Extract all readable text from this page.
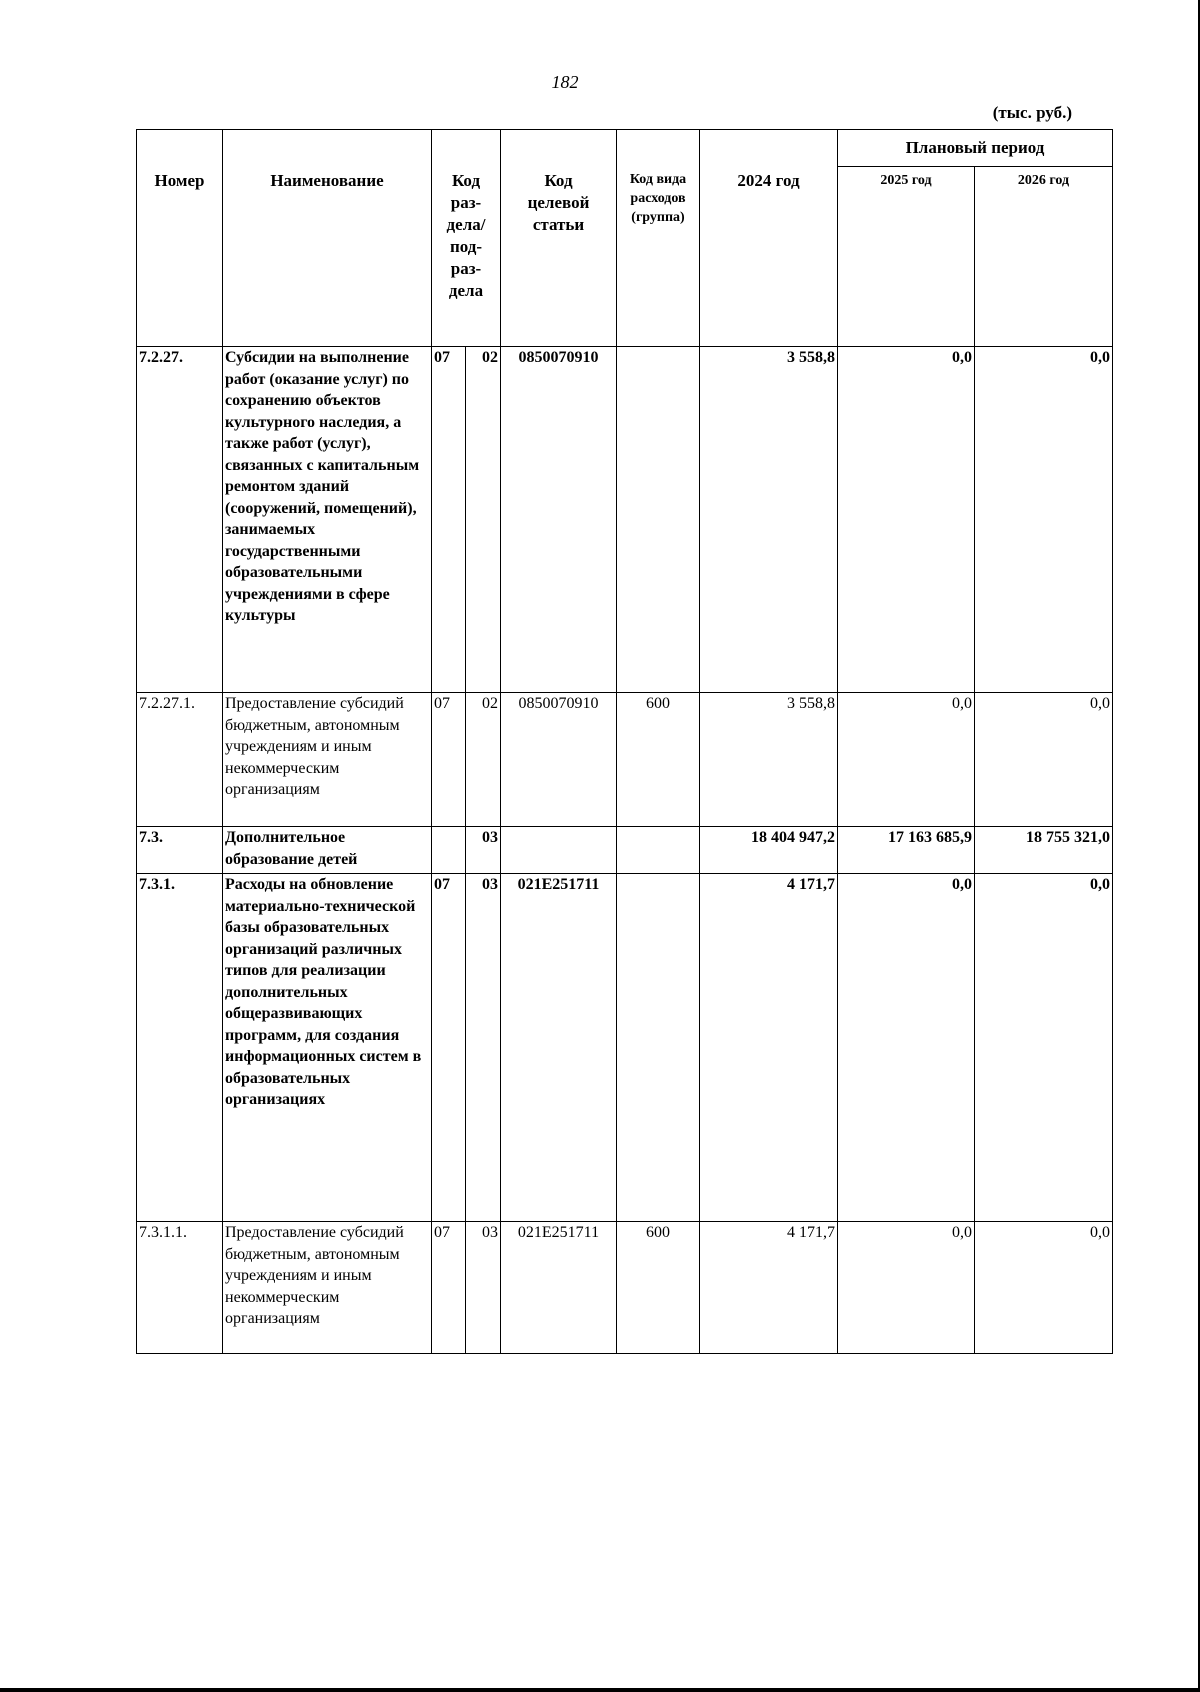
182
(тыс. руб.)
Номер	Наименование	Код раз-дела/ под-раз-дела		Код целевой статьи	Код вида расходов (группа)	2024 год	Плановый период	
							2025 год	2026 год
7.2.27.	Субсидии на выполнение работ (оказание услуг) по сохранению объектов культурного наследия, а также работ (услуг), связанных с капитальным ремонтом зданий (сооружений, помещений), занимаемых государственными образовательными учреждениями в сфере культуры	07	02	0850070910		3 558,8	0,0	0,0
7.2.27.1.	Предоставление субсидий бюджетным, автономным учреждениям и иным некоммерческим организациям	07	02	0850070910	600	3 558,8	0,0	0,0
7.3.	Дополнительное образование детей		03			18 404 947,2	17 163 685,9	18 755 321,0
7.3.1.	Расходы на обновление материально-технической базы образовательных организаций различных типов для реализации дополнительных общеразвивающих программ, для создания информационных систем в образовательных организациях	07	03	021E251711		4 171,7	0,0	0,0
7.3.1.1.	Предоставление субсидий бюджетным, автономным учреждениям и иным некоммерческим организациям	07	03	021E251711	600	4 171,7	0,0	0,0
